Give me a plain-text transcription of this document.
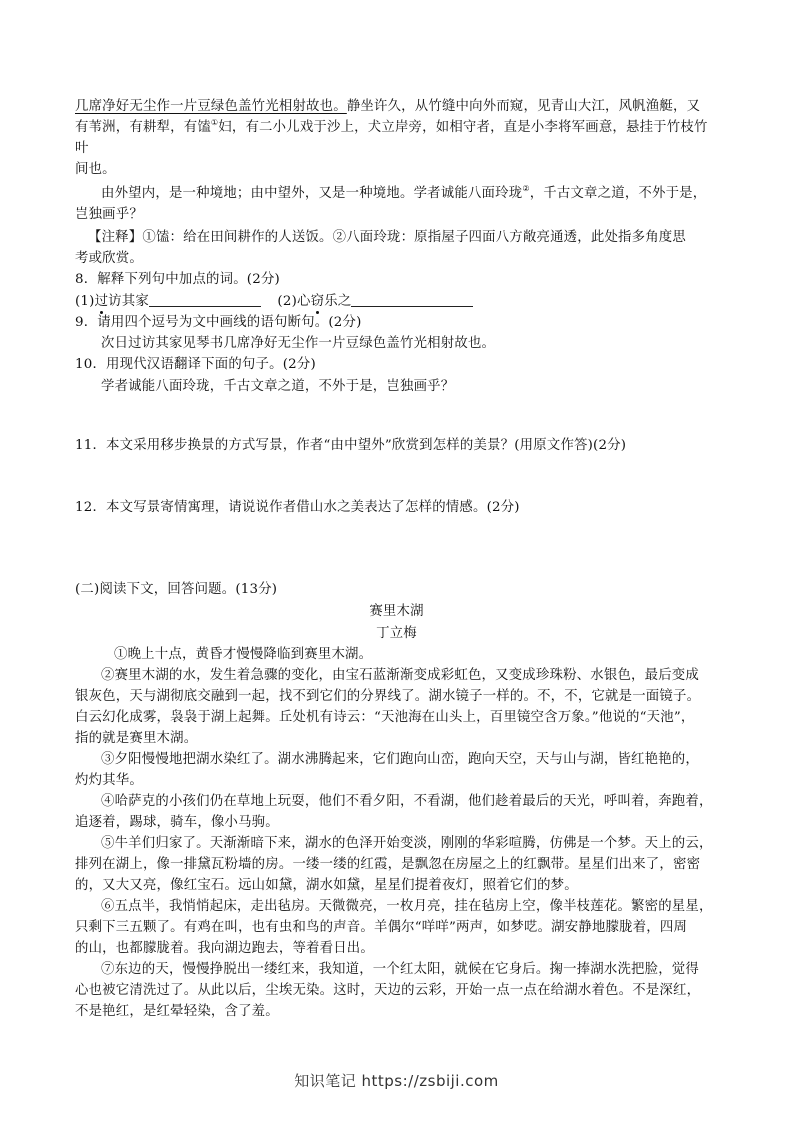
几席净好无尘作一片豆绿色盖竹光相射故也。静坐许久，从竹缝中向外而窥，见青山大江，风帆渔艇，又
有苇洲，有耕犁，有馌①妇，有二小儿戏于沙上，犬立岸旁，如相守者，直是小李将军画意，悬挂于竹枝竹
叶
间也。
由外望内，是一种境地；由中望外，又是一种境地。学者诚能八面玲珑②，千古文章之道，不外于是，
岂独画乎？
【注释】①馌：给在田间耕作的人送饭。②八面玲珑：原指屋子四面八方敞亮通透，此处指多角度思
考或欣赏。
8．解释下列句中加点的词。(2分)
(1)过访其家	(2)心窃乐之
9．请用四个逗号为文中画线的语句断句。(2分)
次日过访其家见琴书几席净好无尘作一片豆绿色盖竹光相射故也。
10．用现代汉语翻译下面的句子。(2分)
学者诚能八面玲珑，千古文章之道，不外于是，岂独画乎？
11．本文采用移步换景的方式写景，作者“由中望外”欣赏到怎样的美景？(用原文作答)(2分)
12．本文写景寄情寓理，请说说作者借山水之美表达了怎样的情感。(2分)
(二)阅读下文，回答问题。(13分)
赛里木湖
丁立梅
①晚上十点，黄昏才慢慢降临到赛里木湖。
②赛里木湖的水，发生着急骤的变化，由宝石蓝渐渐变成彩虹色，又变成珍珠粉、水银色，最后变成
银灰色，天与湖彻底交融到一起，找不到它们的分界线了。湖水镜子一样的。不，不，它就是一面镜子。
白云幻化成雾，袅袅于湖上起舞。丘处机有诗云：“天池海在山头上，百里镜空含万象。”他说的“天池”，
指的就是赛里木湖。
③夕阳慢慢地把湖水染红了。湖水沸腾起来，它们跑向山峦，跑向天空，天与山与湖，皆红艳艳的，
灼灼其华。
④哈萨克的小孩们仍在草地上玩耍，他们不看夕阳，不看湖，他们趁着最后的天光，呼叫着，奔跑着，
追逐着，踢球，骑车，像小马驹。
⑤牛羊们归家了。天渐渐暗下来，湖水的色泽开始变淡，刚刚的华彩喧腾，仿佛是一个梦。天上的云，
排列在湖上，像一排黛瓦粉墙的房。一缕一缕的红霞，是飘忽在房屋之上的红飘带。星星们出来了，密密
的，又大又亮，像红宝石。远山如黛，湖水如黛，星星们提着夜灯，照着它们的梦。
⑥五点半，我悄悄起床，走出毡房。天微微亮，一枚月亮，挂在毡房上空，像半枝莲花。繁密的星星，
只剩下三五颗了。有鸡在叫，也有虫和鸟的声音。羊偶尔“咩咩”两声，如梦呓。湖安静地朦胧着，四周
的山，也都朦胧着。我向湖边跑去，等着看日出。
⑦东边的天，慢慢挣脱出一缕红来，我知道，一个红太阳，就候在它身后。掬一捧湖水洗把脸，觉得
心也被它清洗过了。从此以后，尘埃无染。这时，天边的云彩，开始一点一点在给湖水着色。不是深红，
不是艳红，是红晕轻染，含了羞。
知识笔记 https://zsbiji.com
